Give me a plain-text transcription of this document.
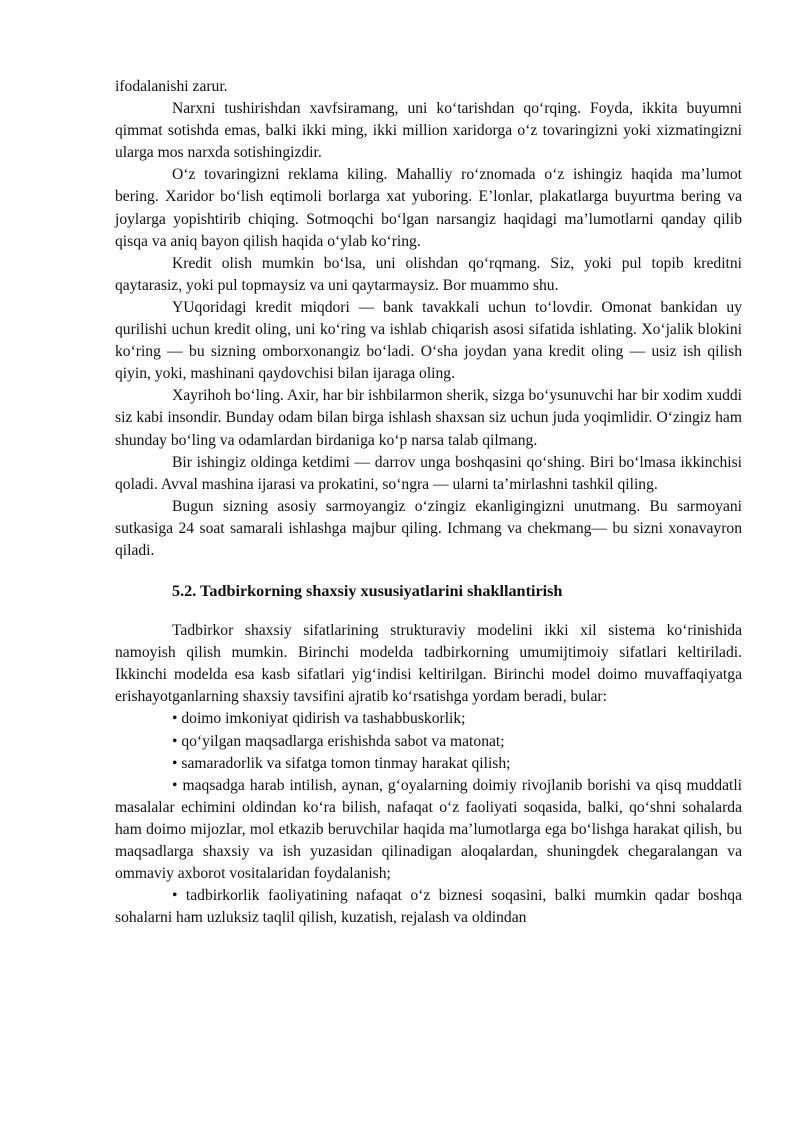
ifodalanishi zarur.

Narxni tushirishdan xavfsiramang, uni ko‘tarishdan qo‘rqing. Foyda, ikkita buyumni qimmat sotishda emas, balki ikki ming, ikki million xaridorga o‘z tovaringizni yoki xizmatingizni ularga mos narxda sotishingizdir.

O‘z tovaringizni reklama kiling. Mahalliy ro‘znomada o‘z ishingiz haqida ma’lumot bering. Xaridor bo‘lish eqtimoli borlarga xat yuboring. E’lonlar, plakatlarga buyurtma bering va joylarga yopishtirib chiqing. Sotmoqchi bo‘lgan narsangiz haqidagi ma’lumotlarni qanday qilib qisqa va aniq bayon qilish haqida o‘ylab ko‘ring.

Kredit olish mumkin bo‘lsa, uni olishdan qo‘rqmang. Siz, yoki pul topib kreditni qaytarasiz, yoki pul topmaysiz va uni qaytarmaysiz. Bor muammo shu.

YUqoridagi kredit miqdori — bank tavakkali uchun to‘lovdir. Omonat bankidan uy qurilishi uchun kredit oling, uni ko‘ring va ishlab chiqarish asosi sifatida ishlating. Xo‘jalik blokini ko‘ring — bu sizning omborxonangiz bo‘ladi. O‘sha joydan yana kredit oling — usiz ish qilish qiyin, yoki, mashinani qaydovchisi bilan ijaraga oling.

Xayrihoh bo‘ling. Axir, har bir ishbilarmon sherik, sizga bo‘ysunuvchi har bir xodim xuddi siz kabi insondir. Bunday odam bilan birga ishlash shaxsan siz uchun juda yoqimlidir. O‘zingiz ham shunday bo‘ling va odamlardan birdaniga ko‘p narsa talab qilmang.

Bir ishingiz oldinga ketdimi — darrov unga boshqasini qo‘shing. Biri bo‘lmasa ikkinchisi qoladi. Avval mashina ijarasi va prokatini, so‘ngra — ularni ta’mirlashni tashkil qiling.

Bugun sizning asosiy sarmoyangiz o‘zingiz ekanligingizni unutmang. Bu sarmoyani sutkasiga 24 soat samarali ishlashga majbur qiling. Ichmang va chekmang— bu sizni xonavayron qiladi.

5.2. Tadbirkorning shaxsiy xususiyatlarini shakllantirish

Tadbirkor shaxsiy sifatlarining strukturaviy modelini ikki xil sistema ko‘rinishida namoyish qilish mumkin. Birinchi modelda tadbirkorning umumijtimoiy sifatlari keltiriladi. Ikkinchi modelda esa kasb sifatlari yig‘indisi keltirilgan. Birinchi model doimo muvaffaqiyatga erishayotganlarning shaxsiy tavsifini ajratib ko‘rsatishga yordam beradi, bular:

• doimo imkoniyat qidirish va tashabbuskorlik;
• qo‘yilgan maqsadlarga erishishda sabot va matonat;
• samaradorlik va sifatga tomon tinmay harakat qilish;
• maqsadga harab intilish, aynan, g‘oyalarning doimiy rivojlanib borishi va qisq muddatli masalalar echimini oldindan ko‘ra bilish, nafaqat o‘z faoliyati soqasida, balki, qo‘shni sohalarda ham doimo mijozlar, mol etkazib beruvchilar haqida ma’lumotlarga ega bo‘lishga harakat qilish, bu maqsadlarga shaxsiy va ish yuzasidan qilinadigan aloqalardan, shuningdek chegaralangan va ommaviy axborot vositalaridan foydalanish;
• tadbirkorlik faoliyatining nafaqat o‘z biznesi soqasini, balki mumkin qadar boshqa sohalarni ham uzluksiz taqlil qilish, kuzatish, rejalash va oldindan
